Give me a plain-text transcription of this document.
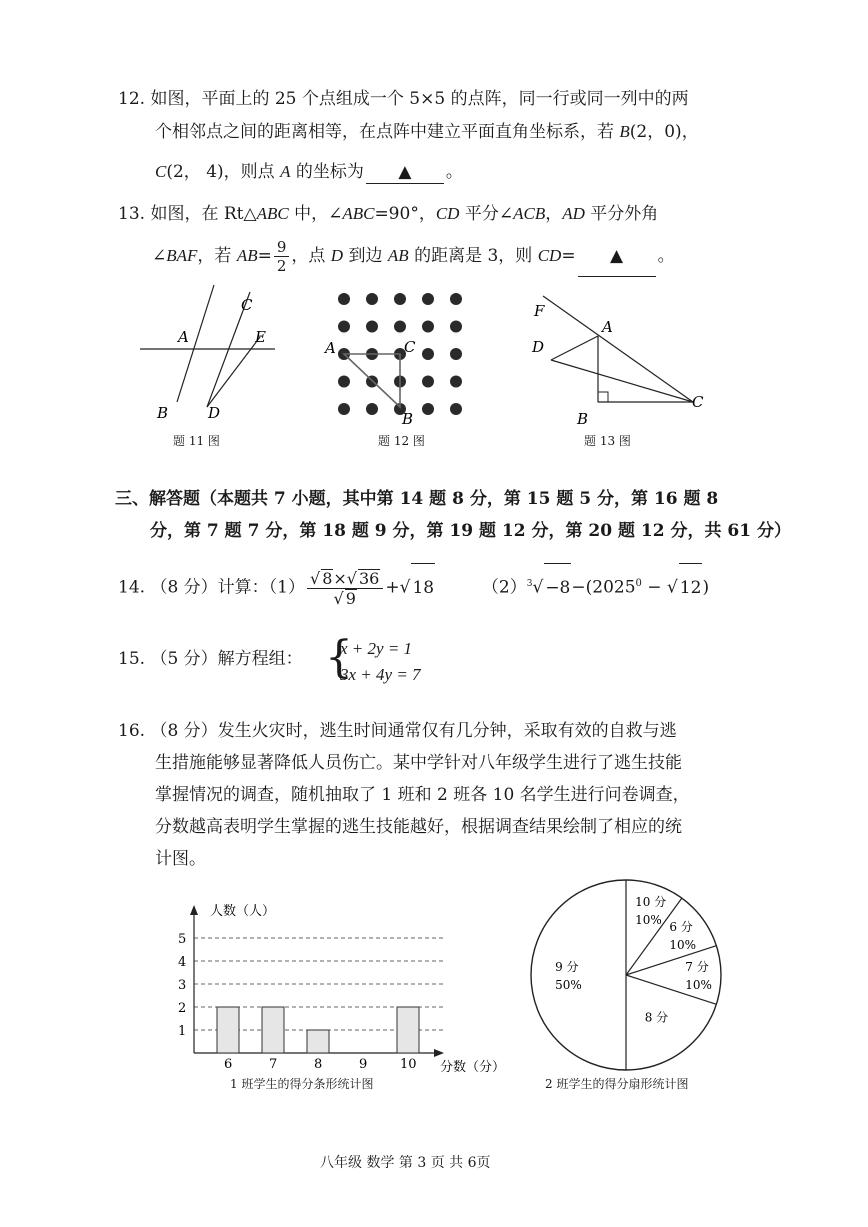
12. 如图，平面上的 25 个点组成一个 5×5 的点阵，同一行或同一列中的两
个相邻点之间的距离相等，在点阵中建立平面直角坐标系，若 B(2，0)，
C(2， 4)，则点 A 的坐标为 ▲ 。
13. 如图，在 Rt△ABC 中，∠ABC=90°，CD 平分∠ACB，AD 平分外角
∠BAF，若 $AB= \frac{9}{2}$ ，点 D 到边 AB 的距离是 3，则 CD= ▲ 。
A
C
E
B	D
题 11 图
A	C
B
题 12 图
F
A
D
B
C
题 13 图
三、解答题（本题共 7 小题，其中第 14 题 8 分，第 15 题 5 分，第 16 题 8
分，第 7 题 7 分，第 18 题 9 分，第 19 题 12 分，第 20 题 12 分，共 61 分）
14. （8 分）计算：$(1) \frac{√ 8\times√ 36}{√ 9}$ +√ 18	$(2)^3√ -8-(2025^0$ − √ 12)
15. （5 分）解方程组： {
x + 2y = 1
3x + 4y = 7
16. （8 分）发生火灾时，逃生时间通常仅有几分钟，采取有效的自救与逃
生措施能够显著降低人员伤亡。某中学针对八年级学生进行了逃生技能
掌握情况的调查，随机抽取了 1 班和 2 班各 10 名学生进行问卷调查，
分数越高表明学生掌握的逃生技能越好，根据调查结果绘制了相应的统
计图。
人数（人）
分数（分）
1
2
3
4
5
6	7	8	9	10
1 班学生的得分条形统计图
9 分
50%
10 分
10% 6 分
10%
7 分
10%
8 分
2 班学生的得分扇形统计图
八年级 数学 第 3 页 共 6页
